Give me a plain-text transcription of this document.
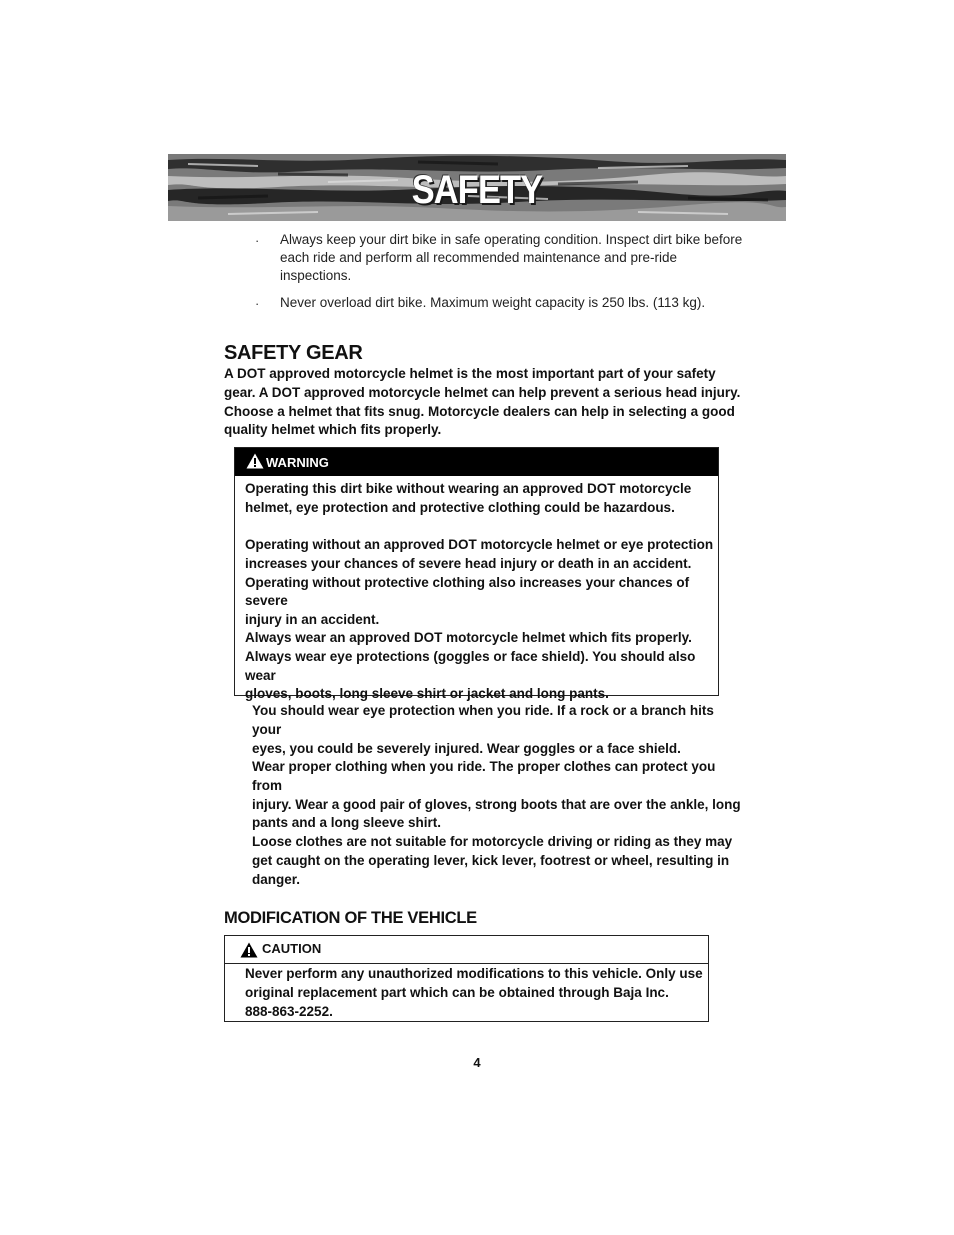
SAFETY
· Always keep your dirt bike in safe operating condition. Inspect dirt bike before
each ride and perform all recommended maintenance and pre-ride inspections.
· Never overload dirt bike. Maximum weight capacity is 250 lbs. (113 kg).
SAFETY GEAR
A DOT approved motorcycle helmet is the most important part of your safety
gear. A DOT approved motorcycle helmet can help prevent a serious head injury.
Choose a helmet that fits snug. Motorcycle dealers can help in selecting a good
quality helmet which fits properly.
WARNING
Operating this dirt bike without wearing an approved DOT motorcycle
helmet, eye protection and protective clothing could be hazardous.
Operating without an approved DOT motorcycle helmet or eye protection
increases your chances of severe head injury or death in an accident.
Operating without protective clothing also increases your chances of severe
injury in an accident.
Always wear an approved DOT motorcycle helmet which fits properly.
Always wear eye protections (goggles or face shield). You should also wear
gloves, boots, long sleeve shirt or jacket and long pants.
You should wear eye protection when you ride. If a rock or a branch hits your
eyes, you could be severely injured. Wear goggles or a face shield.
Wear proper clothing when you ride. The proper clothes can protect you from
injury. Wear a good pair of gloves, strong boots that are over the ankle, long
pants and a long sleeve shirt.
Loose clothes are not suitable for motorcycle driving or riding as they may
get caught on the operating lever, kick lever, footrest or wheel, resulting in
danger.
MODIFICATION OF THE VEHICLE
CAUTION
Never perform any unauthorized modifications to this vehicle. Only use
original replacement part which can be obtained through Baja Inc.
888-863-2252.
4
